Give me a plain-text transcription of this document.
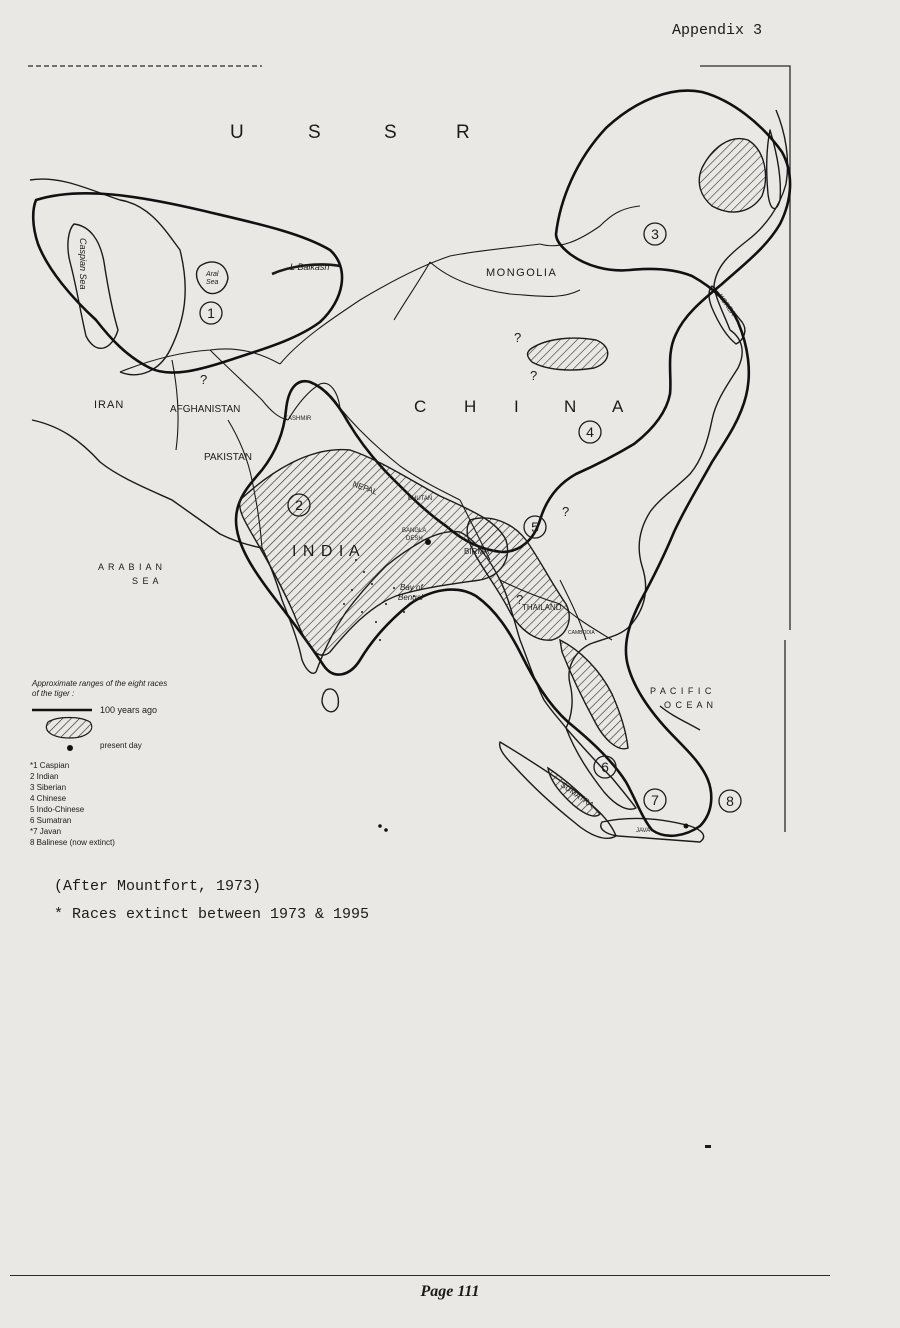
Appendix 3
Page 111
U	S	S	R
MONGOLIA
C H I	N A
I N D I A
IRAN	AFGHANISTAN
PAKISTAN
KASHMIR
NEPAL
BHUTAN
BANGLA
DESH
BIRMA
THAILAND
CAMBODIA
KOREA
SUMATRA
JAVA
Caspian Sea	Aral
Sea
L Balkash
A R A B I A N
S E A
Bay of
Bengal
P A C I F I C
O C E A N
1
2
3
4
5
6
7	8
?
?
?
?
?
Approximate ranges of the eight races
of the tiger :
100 years ago
present day
*1 Caspian
2 Indian
3 Siberian
4 Chinese
5 Indo-Chinese
6 Sumatran
*7 Javan
8 Balinese (now extinct)
(After Mountfort, 1973)
* Races extinct between 1973 & 1995
